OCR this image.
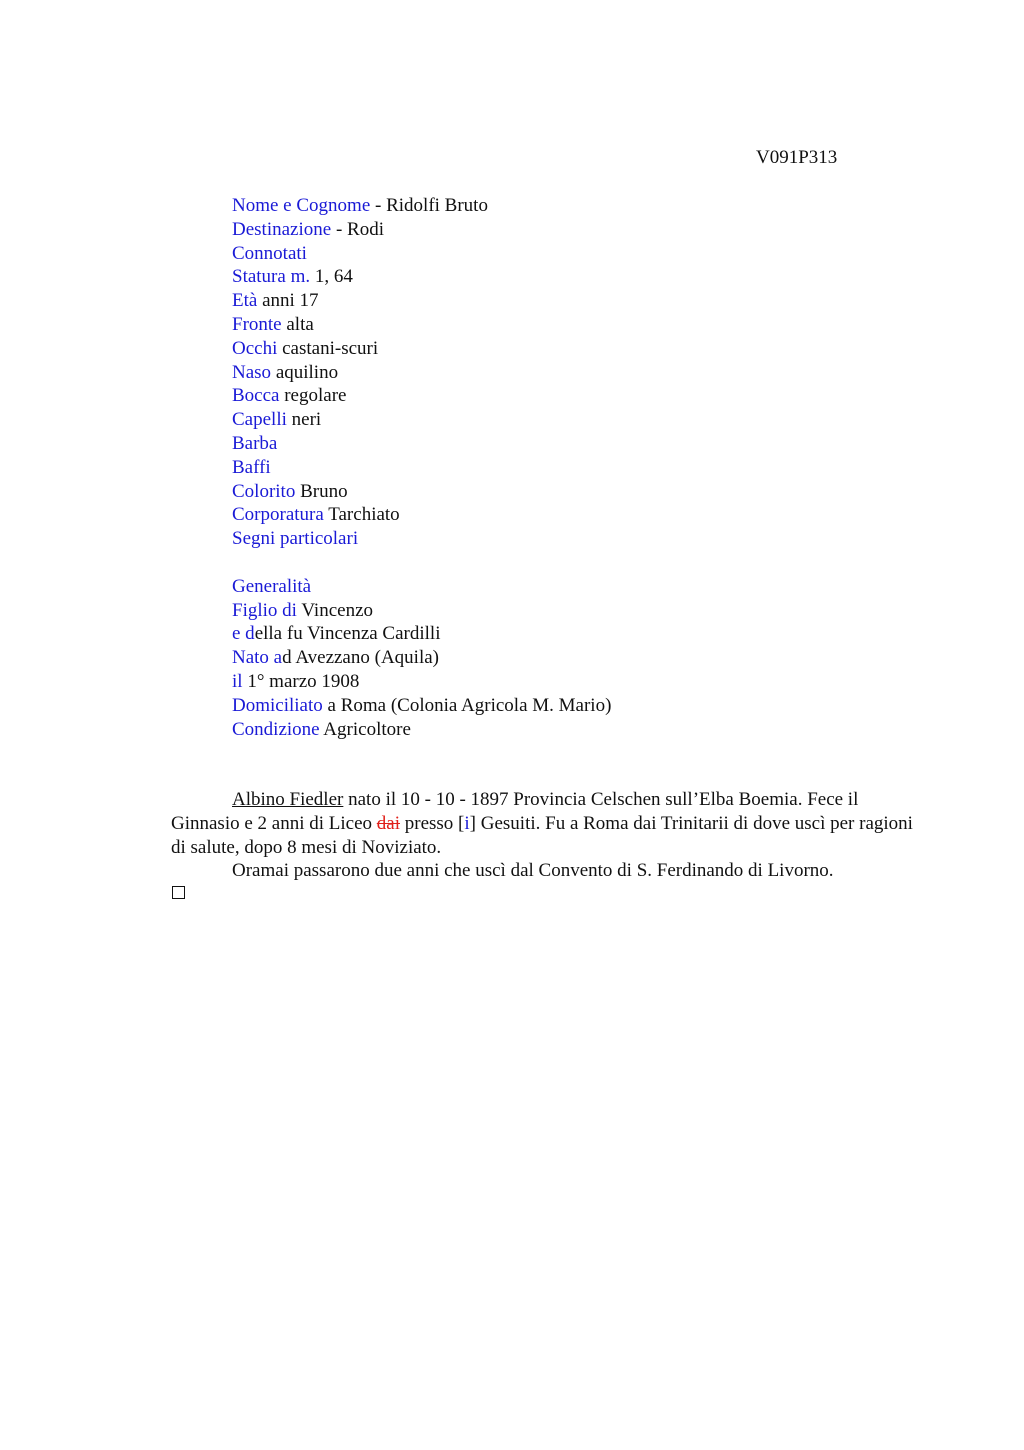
V091P313
Nome e Cognome - Ridolfi Bruto
Destinazione - Rodi
Connotati
Statura m. 1, 64
Età anni 17
Fronte alta
Occhi castani-scuri
Naso aquilino
Bocca regolare
Capelli neri
Barba
Baffi
Colorito Bruno
Corporatura Tarchiato
Segni particolari
Generalità
Figlio di Vincenzo
e della fu Vincenza Cardilli
Nato ad Avezzano (Aquila)
il 1° marzo 1908
Domiciliato a Roma (Colonia Agricola M. Mario)
Condizione Agricoltore

Albino Fiedler nato il 10 - 10 - 1897 Provincia Celschen sull’Elba Boemia. Fece il Ginnasio e 2 anni di Liceo dai presso [i] Gesuiti. Fu a Roma dai Trinitarii di dove uscì per ragioni di salute, dopo 8 mesi di Noviziato.

Oramai passarono due anni che uscì dal Convento di S. Ferdinando di Livorno.
